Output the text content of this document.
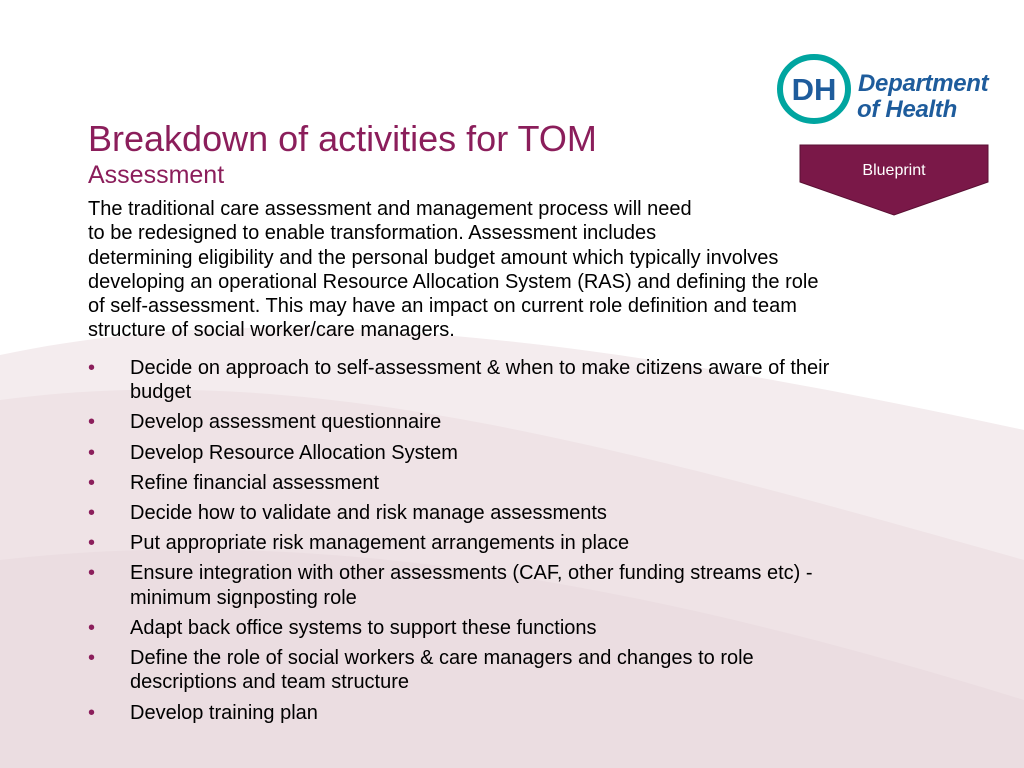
DH Department
of Health
Blueprint
Breakdown of activities for TOM
Assessment
The traditional care assessment and management process will need
to be redesigned to enable transformation. Assessment includes
determining eligibility and the personal budget amount which typically involves
developing an operational Resource Allocation System (RAS) and defining the role
of self-assessment. This may have an impact on current role definition and team
structure of social worker/care managers.
•	Decide on approach to self-assessment & when to make citizens aware of their
budget
•	Develop assessment questionnaire
•	Develop Resource Allocation System
•	Refine financial assessment
•	Decide how to validate and risk manage assessments
•	Put appropriate risk management arrangements in place
•	Ensure integration with other assessments (CAF, other funding streams etc) -
minimum signposting role
•	Adapt back office systems to support these functions
•	Define the role of social workers & care managers and changes to role
descriptions and team structure
•	Develop training plan
